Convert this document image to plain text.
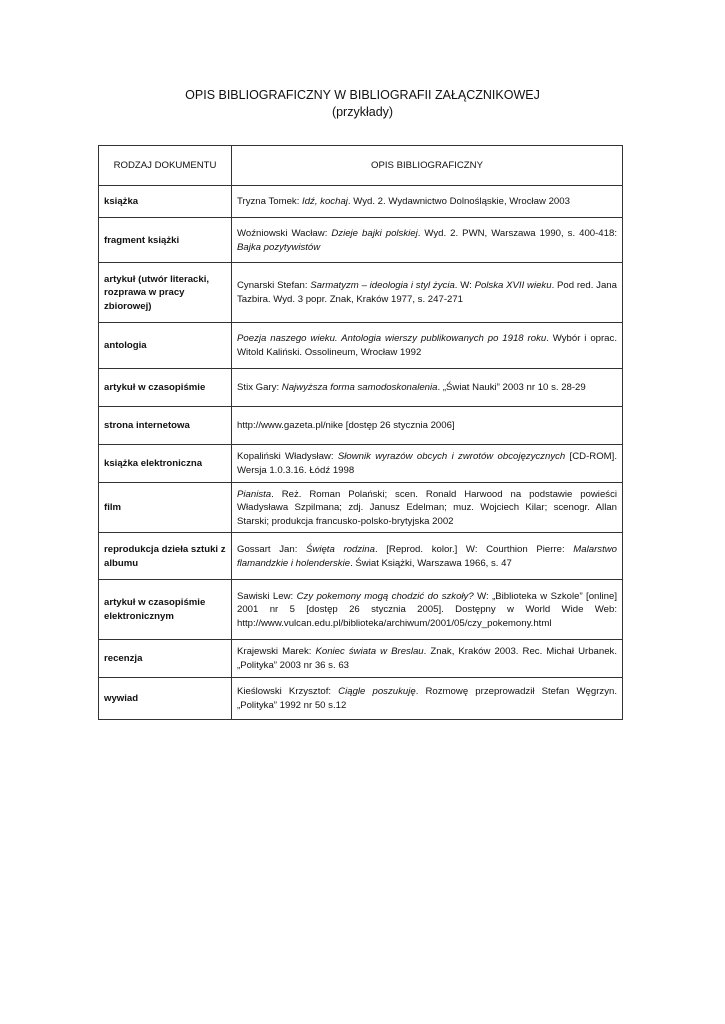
OPIS BIBLIOGRAFICZNY W BIBLIOGRAFII ZAŁĄCZNIKOWEJ
(przykłady)
RODZAJ DOKUMENTU	OPIS BIBLIOGRAFICZNY
książka	Tryzna Tomek: Idź, kochaj. Wyd. 2. Wydawnictwo Dolnośląskie, Wrocław 2003
fragment książki	Woźniowski Wacław: Dzieje bajki polskiej. Wyd. 2. PWN, Warszawa 1990, s. 400-418: Bajka pozytywistów
artykuł (utwór literacki, rozprawa w pracy zbiorowej)	Cynarski Stefan: Sarmatyzm – ideologia i styl życia. W: Polska XVII wieku. Pod red. Jana Tazbira. Wyd. 3 popr. Znak, Kraków 1977, s. 247-271
antologia	Poezja naszego wieku. Antologia wierszy publikowanych po 1918 roku. Wybór i oprac. Witold Kaliński. Ossolineum, Wrocław 1992
artykuł w czasopiśmie	Stix Gary: Najwyższa forma samodoskonalenia. „Świat Nauki” 2003 nr 10 s. 28-29
strona internetowa	http://www.gazeta.pl/nike [dostęp 26 stycznia 2006]
książka elektroniczna	Kopaliński Władysław: Słownik wyrazów obcych i zwrotów obcojęzycznych [CD-ROM]. Wersja 1.0.3.16. Łódź 1998
film	Pianista. Reż. Roman Polański; scen. Ronald Harwood na podstawie powieści Władysława Szpilmana; zdj. Janusz Edelman; muz. Wojciech Kilar; scenogr. Allan Starski; produkcja francusko-polsko-brytyjska 2002
reprodukcja dzieła sztuki z albumu	Gossart Jan: Święta rodzina. [Reprod. kolor.] W: Courthion Pierre: Malarstwo flamandzkie i holenderskie. Świat Książki, Warszawa 1966, s. 47
artykuł w czasopiśmie elektronicznym	Sawiski Lew: Czy pokemony mogą chodzić do szkoły? W: „Biblioteka w Szkole” [online] 2001 nr 5 [dostęp 26 stycznia 2005]. Dostępny w World Wide Web: http://www.vulcan.edu.pl/biblioteka/archiwum/2001/05/czy_pokemony.html
recenzja	Krajewski Marek: Koniec świata w Breslau. Znak, Kraków 2003. Rec. Michał Urbanek. „Polityka” 2003 nr 36 s. 63
wywiad	Kieślowski Krzysztof: Ciągle poszukuję. Rozmowę przeprowadził Stefan Węgrzyn. „Polityka” 1992 nr 50 s.12
